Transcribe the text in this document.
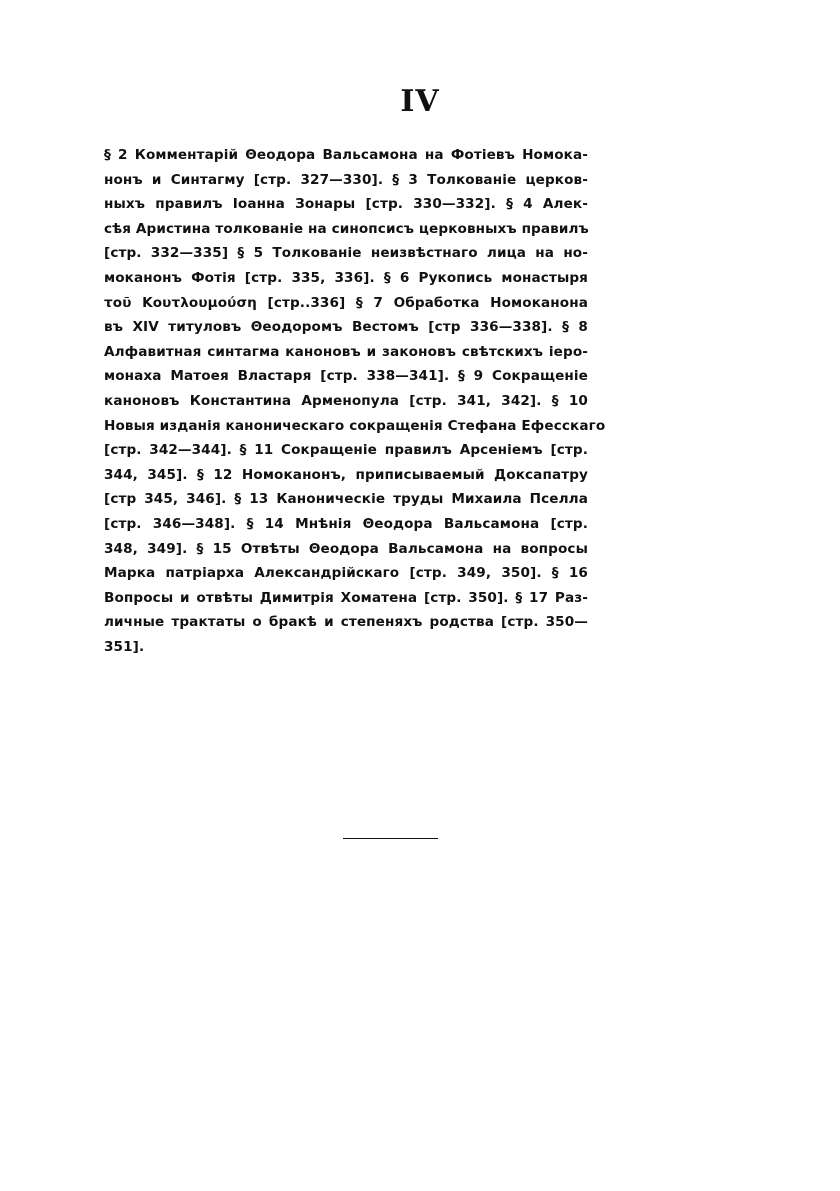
IV
§ 2 Комментарій Θеодора Вальсамона на Фотіевъ Номока-
нонъ и Синтагму [стр. 327—330]. § 3 Толкованіе церков-
ныхъ правилъ Іоанна Зонары [стр. 330—332]. § 4 Алек-
сѣя Аристина толкованіе на синопсисъ церковныхъ правилъ
[стр. 332—335] § 5 Толкованіе неизвѣстнаго лица на но-
моканонъ Фотія [стр. 335, 336]. § 6 Рукопись монастыря
τοῦ Κουτλουμούση [стр..336] § 7 Обработка Номоканона
въ XIV титуловъ Θеодоромъ Вестомъ [стр 336—338]. § 8
Алфавитная синтагма каноновъ и законовъ свѣтскихъ іеро-
монаха Матоея Властаря [стр. 338—341]. § 9 Сокращеніе
каноновъ Константина Арменопула [стр. 341, 342]. § 10
Новыя изданія каноническаго сокращенія Стефана Ефесскаго
[стр. 342—344]. § 11 Сокращеніе правилъ Арсеніемъ [стр.
344, 345]. § 12 Номоканонъ, приписываемый Доксапатру
[стр 345, 346]. § 13 Каноническіе труды Михаила Пселла
[стр. 346—348]. § 14 Мнѣнія Θеодора Вальсамона [стр.
348, 349]. § 15 Отвѣты Θеодора Вальсамона на вопросы
Марка патріарха Александрійскаго [стр. 349, 350]. § 16
Вопросы и отвѣты Димитрія Хоматена [стр. 350]. § 17 Раз-
личные трактаты о бракѣ и степеняхъ родства [стр. 350—
351].
